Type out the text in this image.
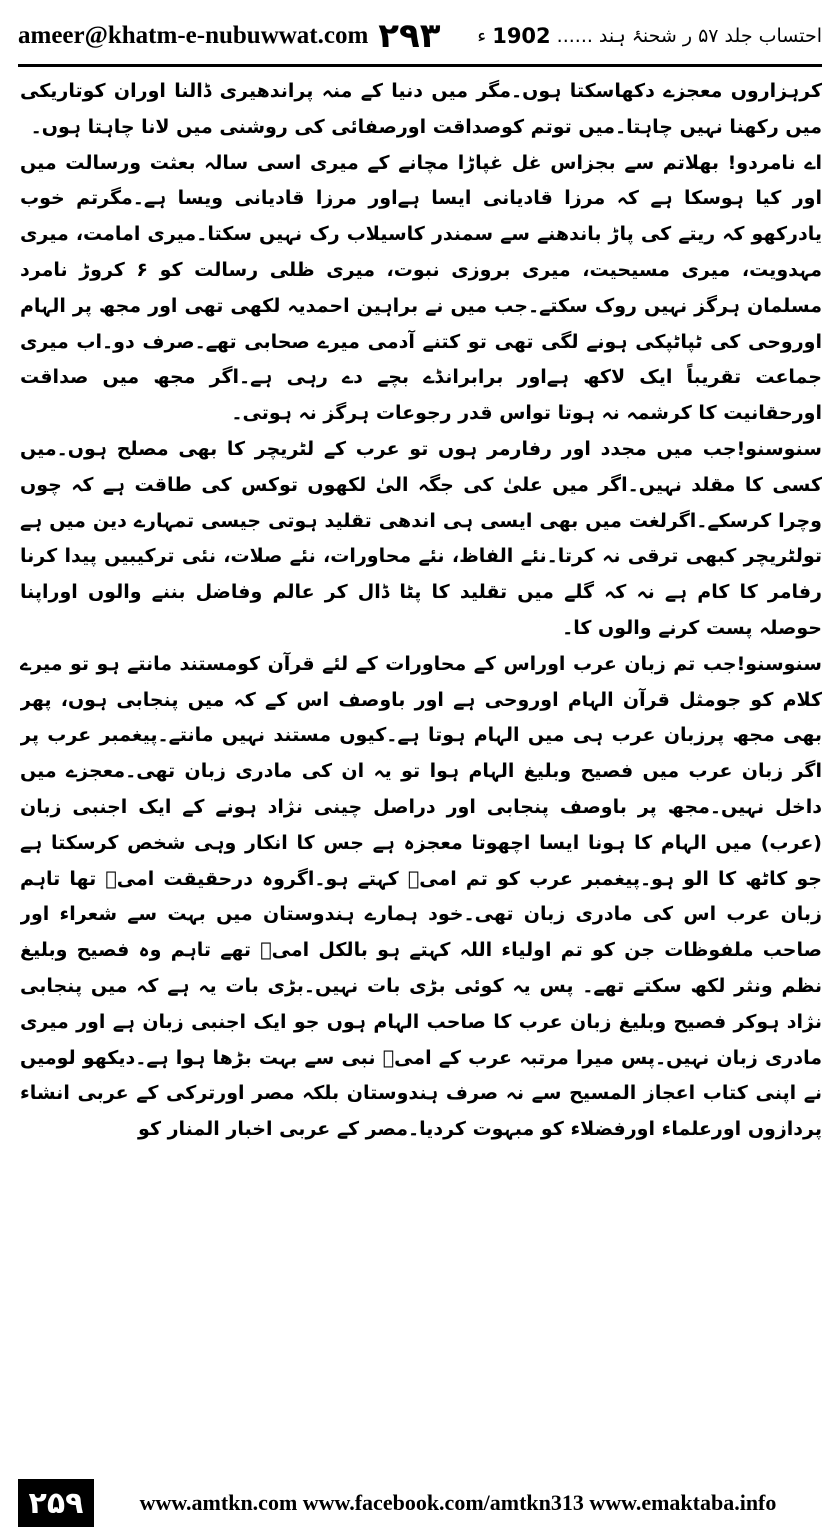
ameer@khatm-e-nubuwwat.com ۲۹۳	احتساب جلد ۵۷ ر شحنۂ ہند
......
1902
ء

کرہزاروں معجزے دکھاسکتا ہوں۔مگر میں دنیا کے منہ پراندھیری ڈالنا اوران کوتاریکی میں رکھنا نہیں چاہتا۔میں توتم کوصداقت اورصفائی کی روشنی میں لانا چاہتا ہوں۔

اے نامردو! بھلاتم سے بجزاس غل غپاڑا مچانے کے میری اسی سالہ بعثت ورسالت میں اور کیا ہوسکا ہے کہ مرزا قادیانی ایسا ہےاور مرزا قادیانی ویسا ہے۔مگرتم خوب یادرکھو کہ ریتے کی پاڑ باندھنے سے سمندر کاسیلاب رک نہیں سکتا۔میری امامت، میری مہدویت، میری مسیحیت، میری بروزی نبوت، میری ظلی رسالت کو ۶ کروڑ نامرد مسلمان ہرگز نہیں روک سکتے۔جب میں نے براہین احمدیہ لکھی تھی اور مجھ پر الہام اوروحی کی ٹپاٹپکی ہونے لگی تھی تو کتنے آدمی میرے صحابی تھے۔صرف دو۔اب میری جماعت تقریباً ایک لاکھ ہےاور برابرانڈے بچے دے رہی ہے۔اگر مجھ میں صداقت اورحقانیت کا کرشمہ نہ ہوتا تواس قدر رجوعات ہرگز نہ ہوتی۔

سنوسنو!جب میں مجدد اور رفارمر ہوں تو عرب کے لٹریچر کا بھی مصلح ہوں۔میں کسی کا مقلد نہیں۔اگر میں علیٰ کی جگہ الیٰ لکھوں توکس کی طاقت ہے کہ چوں وچرا کرسکے۔اگرلغت میں بھی ایسی ہی اندھی تقلید ہوتی جیسی تمہارے دین میں ہے تولٹریچر کبھی ترقی نہ کرتا۔نئے الفاظ، نئے محاورات، نئے صلات، نئی ترکیبیں پیدا کرنا رفامر کا کام ہے نہ کہ گلے میں تقلید کا پٹا ڈال کر عالم وفاضل بننے والوں اوراپنا حوصلہ پست کرنے والوں کا۔

سنوسنو!جب تم زبان عرب اوراس کے محاورات کے لئے قرآن کومستند مانتے ہو تو میرے کلام کو جومثل قرآن الہام اوروحی ہے اور باوصف اس کے کہ میں پنجابی ہوں، پھر بھی مجھ پرزبان عرب ہی میں الہام ہوتا ہے۔کیوں مستند نہیں مانتے۔پیغمبر عرب پر اگر زبان عرب میں فصیح وبلیغ الہام ہوا تو یہ ان کی مادری زبان تھی۔معجزے میں داخل نہیں۔مجھ پر باوصف پنجابی اور دراصل چینی نژاد ہونے کے ایک اجنبی زبان (عرب) میں الہام کا ہونا ایسا اچھوتا معجزہ ہے جس کا انکار وہی شخص کرسکتا ہے جو کاٹھ کا الو ہو۔پیغمبر عرب کو تم امیؐ کہتے ہو۔اگروہ درحقیقت امیؐ تھا تاہم زبان عرب اس کی مادری زبان تھی۔خود ہمارے ہندوستان میں بہت سے شعراء اور صاحب ملفوظات جن کو تم اولیاء اللہ کہتے ہو بالکل امیؐ تھے تاہم وہ فصیح وبلیغ نظم ونثر لکھ سکتے تھے۔ پس یہ کوئی بڑی بات نہیں۔بڑی بات یہ ہے کہ میں پنجابی نژاد ہوکر فصیح وبلیغ زبان عرب کا صاحب الہام ہوں جو ایک اجنبی زبان ہے اور میری مادری زبان نہیں۔پس میرا مرتبہ عرب کے امیؐ نبی سے بہت بڑھا ہوا ہے۔دیکھو لومیں نے اپنی کتاب اعجاز المسیح سے نہ صرف ہندوستان بلکہ مصر اورترکی کے عربی انشاء پردازوں اورعلماء اورفضلاء کو مبہوت کردیا۔مصر کے عربی اخبار المنار کو

۲۵۹	www.amtkn.com www.facebook.com/amtkn313 www.emaktaba.info
